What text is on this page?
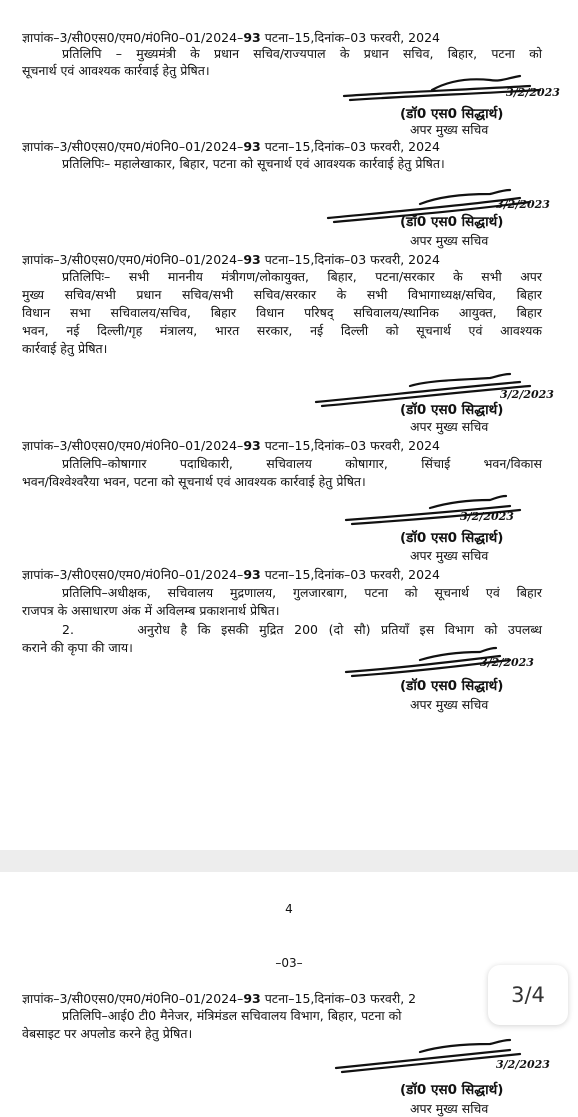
ज्ञापांक–3/सी0एस0/एम0/मं0नि0–01/2024–93 पटना–15,दिनांक–03 फरवरी, 2024
प्रतिलिपि – मुख्यमंत्री के प्रधान सचिव/राज्यपाल के प्रधान सचिव, बिहार, पटना को
सूचनार्थ एवं आवश्यक कार्रवाई हेतु प्रेषित।
3/2/2023
(डॉ0 एस0 सिद्धार्थ)
अपर मुख्य सचिव
ज्ञापांक–3/सी0एस0/एम0/मं0नि0–01/2024–93 पटना–15,दिनांक–03 फरवरी, 2024
प्रतिलिपिः– महालेखाकार, बिहार, पटना को सूचनार्थ एवं आवश्यक कार्रवाई हेतु प्रेषित।
3/2/2023
(डॉ0 एस0 सिद्धार्थ)
अपर मुख्य सचिव
ज्ञापांक–3/सी0एस0/एम0/मं0नि0–01/2024–93 पटना–15,दिनांक–03 फरवरी, 2024
प्रतिलिपिः– सभी माननीय मंत्रीगण/लोकायुक्त, बिहार, पटना/सरकार के सभी अपर
मुख्य सचिव/सभी प्रधान सचिव/सभी सचिव/सरकार के सभी विभागाध्यक्ष/सचिव, बिहार
विधान सभा सचिवालय/सचिव, बिहार विधान परिषद् सचिवालय/स्थानिक आयुक्त, बिहार
भवन, नई दिल्ली/गृह मंत्रालय, भारत सरकार, नई दिल्ली को सूचनार्थ एवं आवश्यक
कार्रवाई हेतु प्रेषित।
3/2/2023
(डॉ0 एस0 सिद्धार्थ)
अपर मुख्य सचिव
ज्ञापांक–3/सी0एस0/एम0/मं0नि0–01/2024–93 पटना–15,दिनांक–03 फरवरी, 2024
प्रतिलिपि–कोषागार पदाधिकारी, सचिवालय कोषागार, सिंचाई भवन/विकास
भवन/विश्वेश्वरैया भवन, पटना को सूचनार्थ एवं आवश्यक कार्रवाई हेतु प्रेषित।
3/2/2023
(डॉ0 एस0 सिद्धार्थ)
अपर मुख्य सचिव
ज्ञापांक–3/सी0एस0/एम0/मं0नि0–01/2024–93 पटना–15,दिनांक–03 फरवरी, 2024
प्रतिलिपि–अधीक्षक, सचिवालय मुद्रणालय, गुलजारबाग, पटना को सूचनार्थ एवं बिहार
राजपत्र के असाधारण अंक में अविलम्ब प्रकाशनार्थ प्रेषित।
2.      अनुरोध है कि इसकी मुद्रित 200 (दो सौ) प्रतियाँ इस विभाग को उपलब्ध
कराने की कृपा की जाय।
3/2/2023
(डॉ0 एस0 सिद्धार्थ)
अपर मुख्य सचिव
4
–03–
ज्ञापांक–3/सी0एस0/एम0/मं0नि0–01/2024–93 पटना–15,दिनांक–03 फरवरी, 2
प्रतिलिपि–आई0 टी0 मैनेजर, मंत्रिमंडल सचिवालय विभाग, बिहार, पटना को
वेबसाइट पर अपलोड करने हेतु प्रेषित।
3/2/2023
(डॉ0 एस0 सिद्धार्थ)
अपर मुख्य सचिव
3/4
